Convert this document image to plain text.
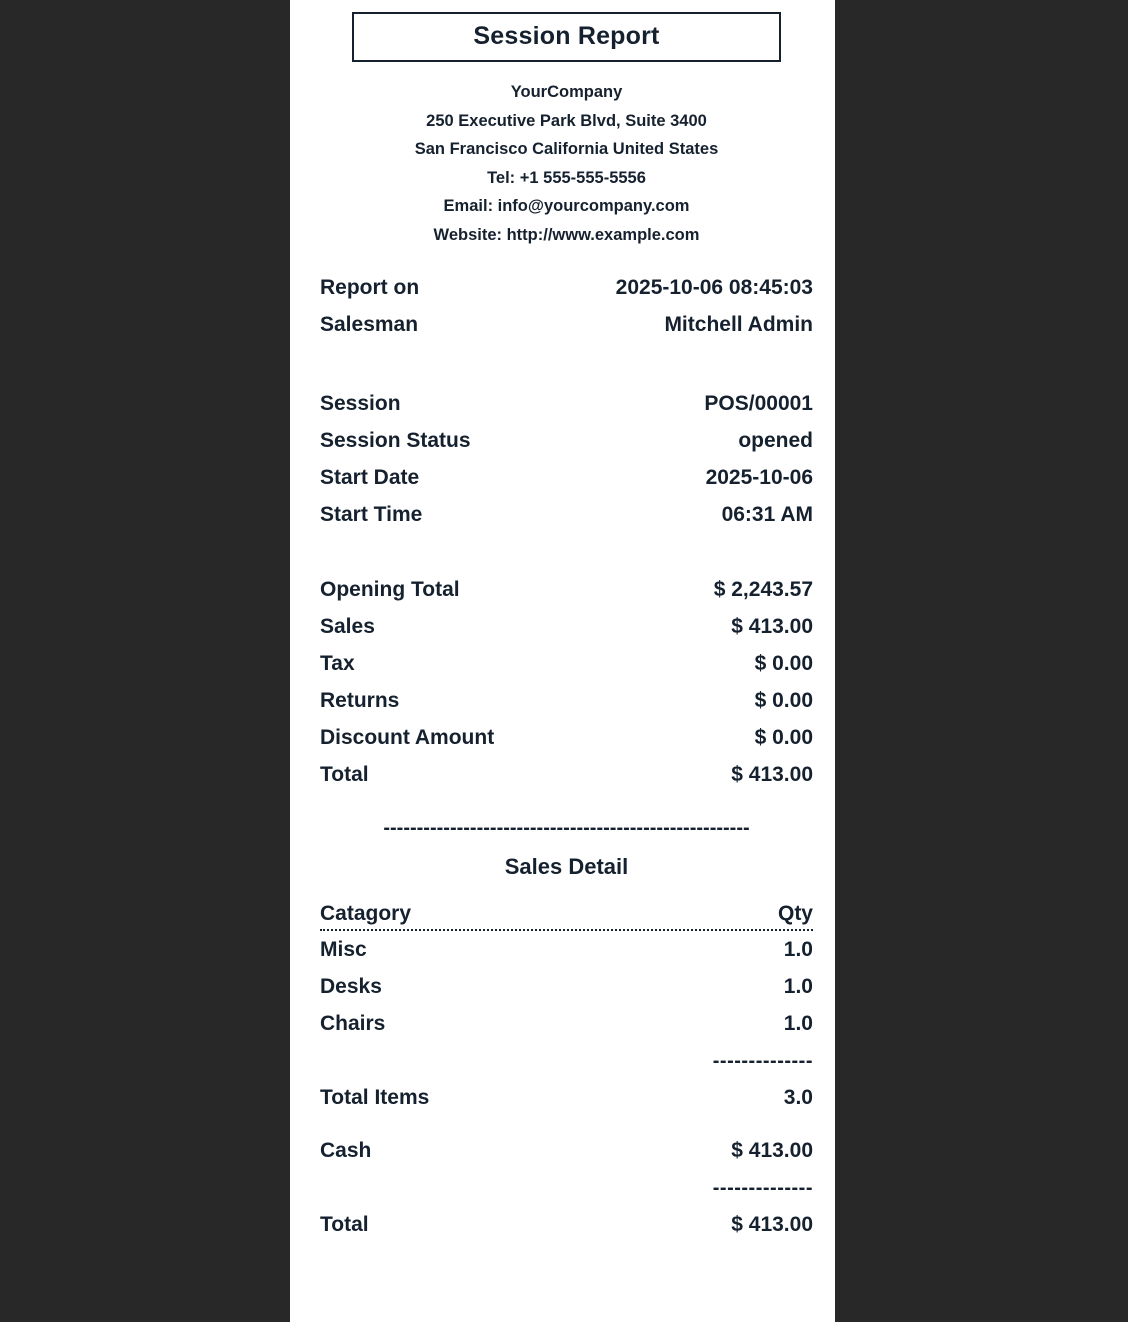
Session Report
YourCompany
250 Executive Park Blvd, Suite 3400
San Francisco California United States
Tel: +1 555-555-5556
Email: info@yourcompany.com
Website: http://www.example.com
Report on	2025-10-06 08:45:03
Salesman	Mitchell Admin
Session	POS/00001
Session Status	opened
Start Date	2025-10-06
Start Time	06:31 AM
Opening Total	$ 2,243.57
Sales	$ 413.00
Tax	$ 0.00
Returns	$ 0.00
Discount Amount	$ 0.00
Total	$ 413.00
-------------------------------------------------------
Sales Detail
Catagory	Qty
Misc	1.0
Desks	1.0
Chairs	1.0
--------------
Total Items	3.0
Cash	$ 413.00
--------------
Total	$ 413.00
